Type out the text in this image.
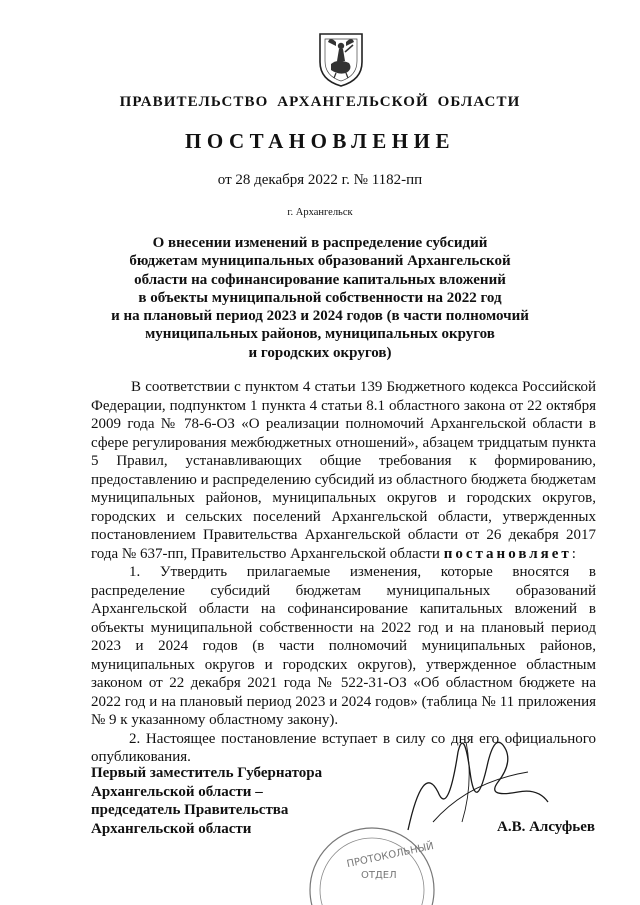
ПРАВИТЕЛЬСТВО АРХАНГЕЛЬСКОЙ ОБЛАСТИ
ПОСТАНОВЛЕНИЕ
от 28 декабря 2022 г. № 1182-пп
г. Архангельск
О внесении изменений в распределение субсидий
бюджетам муниципальных образований Архангельской
области на софинансирование капитальных вложений
в объекты муниципальной собственности на 2022 год
и на плановый период 2023 и 2024 годов (в части полномочий
муниципальных районов, муниципальных округов
и городских округов)

В соответствии с пунктом 4 статьи 139 Бюджетного кодекса Российской Федерации, подпунктом 1 пункта 4 статьи 8.1 областного закона от 22 октября 2009 года № 78-6-ОЗ «О реализации полномочий Архангельской области в сфере регулирования межбюджетных отношений», абзацем тридцатым пункта 5 Правил, устанавливающих общие требования к формированию, предоставлению и распределению субсидий из областного бюджета бюджетам муниципальных районов, муниципальных округов и городских округов, городских и сельских поселений Архангельской области, утвержденных постановлением Правительства Архангельской области от 26 декабря 2017 года № 637-пп, Правительство Архангельской области постановляет:

1. Утвердить прилагаемые изменения, которые вносятся в распределение субсидий бюджетам муниципальных образований Архангельской области на софинансирование капитальных вложений в объекты муниципальной собственности на 2022 год и на плановый период 2023 и 2024 годов (в части полномочий муниципальных районов, муниципальных округов и городских округов), утвержденное областным законом от 22 декабря 2021 года № 522-31-ОЗ «Об областном бюджете на 2022 год и на плановый период 2023 и 2024 годов» (таблица № 11 приложения № 9 к указанному областному закону).

2. Настоящее постановление вступает в силу со дня его официального опубликования.

Первый заместитель Губернатора
Архангельской области –
председатель Правительства
Архангельской области
ПРОТОКОЛЬНЫЙ
ОТДЕЛ
А.В. Алсуфьев
